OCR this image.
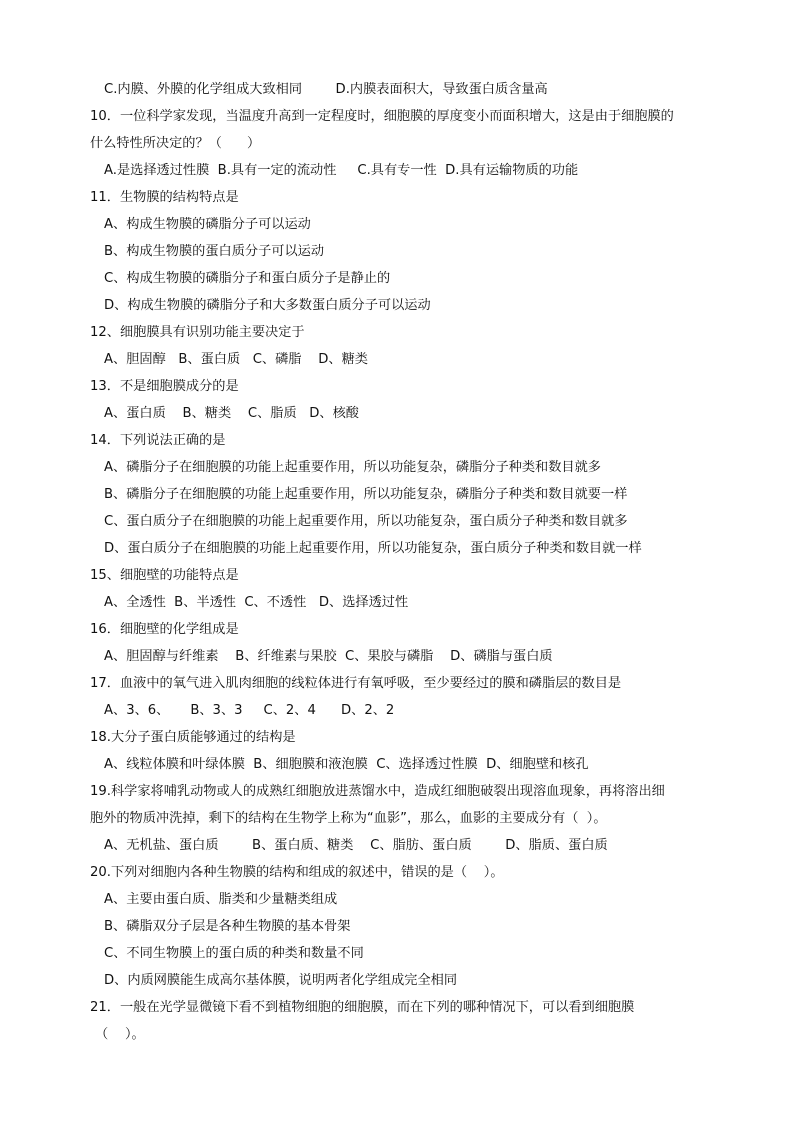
C.内膜、外膜的化学组成大致相同        D.内膜表面积大，导致蛋白质含量高
10．一位科学家发现，当温度升高到一定程度时，细胞膜的厚度变小而面积增大，这是由于细胞膜的
什么特性所决定的？（      ）
A.是选择透过性膜  B.具有一定的流动性     C.具有专一性  D.具有运输物质的功能
11．生物膜的结构特点是
A、构成生物膜的磷脂分子可以运动
B、构成生物膜的蛋白质分子可以运动
C、构成生物膜的磷脂分子和蛋白质分子是静止的
D、构成生物膜的磷脂分子和大多数蛋白质分子可以运动
12、细胞膜具有识别功能主要决定于
A、胆固醇   B、蛋白质   C、磷脂    D、糖类
13．不是细胞膜成分的是
A、蛋白质    B、糖类    C、脂质   D、核酸
14．下列说法正确的是
A、磷脂分子在细胞膜的功能上起重要作用，所以功能复杂，磷脂分子种类和数目就多
B、磷脂分子在细胞膜的功能上起重要作用，所以功能复杂，磷脂分子种类和数目就要一样
C、蛋白质分子在细胞膜的功能上起重要作用，所以功能复杂，蛋白质分子种类和数目就多
D、蛋白质分子在细胞膜的功能上起重要作用，所以功能复杂，蛋白质分子种类和数目就一样
15、细胞壁的功能特点是
A、全透性  B、半透性  C、不透性   D、选择透过性
16．细胞壁的化学组成是
A、胆固醇与纤维素    B、纤维素与果胶  C、果胶与磷脂    D、磷脂与蛋白质
17．血液中的氧气进入肌肉细胞的线粒体进行有氧呼吸，至少要经过的膜和磷脂层的数目是
A、3、6、     B、3、3     C、2、4      D、2、2
18.大分子蛋白质能够通过的结构是
A、线粒体膜和叶绿体膜  B、细胞膜和液泡膜  C、选择透过性膜  D、细胞壁和核孔
19.科学家将哺乳动物或人的成熟红细胞放进蒸馏水中，造成红细胞破裂出现溶血现象，再将溶出细
胞外的物质冲洗掉，剩下的结构在生物学上称为“血影”，那么，血影的主要成分有（  ）。
A、无机盐、蛋白质        B、蛋白质、糖类    C、脂肪、蛋白质        D、脂质、蛋白质
20.下列对细胞内各种生物膜的结构和组成的叙述中，错误的是（    ）。
A、主要由蛋白质、脂类和少量糖类组成
B、磷脂双分子层是各种生物膜的基本骨架
C、不同生物膜上的蛋白质的种类和数量不同
D、内质网膜能生成高尔基体膜，说明两者化学组成完全相同
21．一般在光学显微镜下看不到植物细胞的细胞膜，而在下列的哪种情况下，可以看到细胞膜
（    ）。
